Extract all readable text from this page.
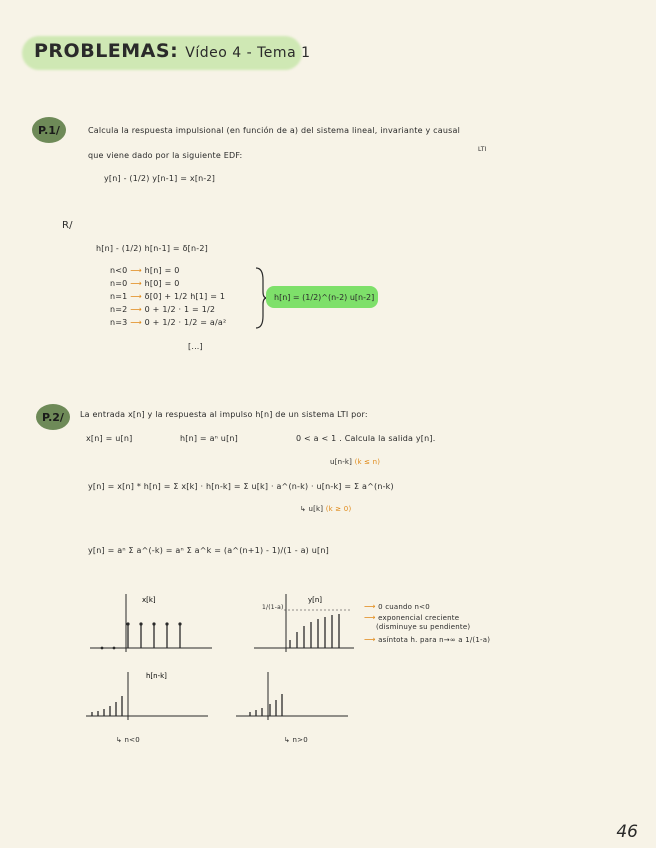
PROBLEMAS: Vídeo 4 - Tema 1
P.1/	Calcula la respuesta impulsional (en función de a) del sistema lineal, invariante y causal
LTI
que viene dado por la siguiente EDF:
y[n] - (1/2) y[n-1] = x[n-2]
R/
h[n] - (1/2) h[n-1] = δ[n-2]
n<0 ⟶ h[n] = 0
n=0 ⟶ h[0] = 0
n=1 ⟶ δ[0] + 1/2 h[1] = 1
n=2 ⟶ 0 + 1/2 · 1 = 1/2
n=3 ⟶ 0 + 1/2 · 1/2 = a/a²
[...]
h[n] = (1/2)^(n-2) u[n-2]
P.2/	La entrada x[n] y la respuesta al impulso h[n] de un sistema LTI por:
x[n] = u[n]	h[n] = aⁿ u[n]	0 < a < 1 . Calcula la salida y[n].
u[n-k] (k ≤ n)
y[n] = x[n] * h[n] = Σ x[k] · h[n-k] = Σ u[k] · a^(n-k) · u[n-k] = Σ a^(n-k)
↳ u[k] (k ≥ 0)
y[n] = aⁿ Σ a^(-k) = aⁿ Σ a^k = (a^(n+1) - 1)/(1 - a) u[n]
x[k]	y[n]
1/(1-a)	⟶ 0 cuando n<0
⟶ exponencial creciente
(disminuye su pendiente)
⟶ asíntota h. para n→∞ a 1/(1-a)
h[n-k]
↳ n<0	↳ n>0
46
